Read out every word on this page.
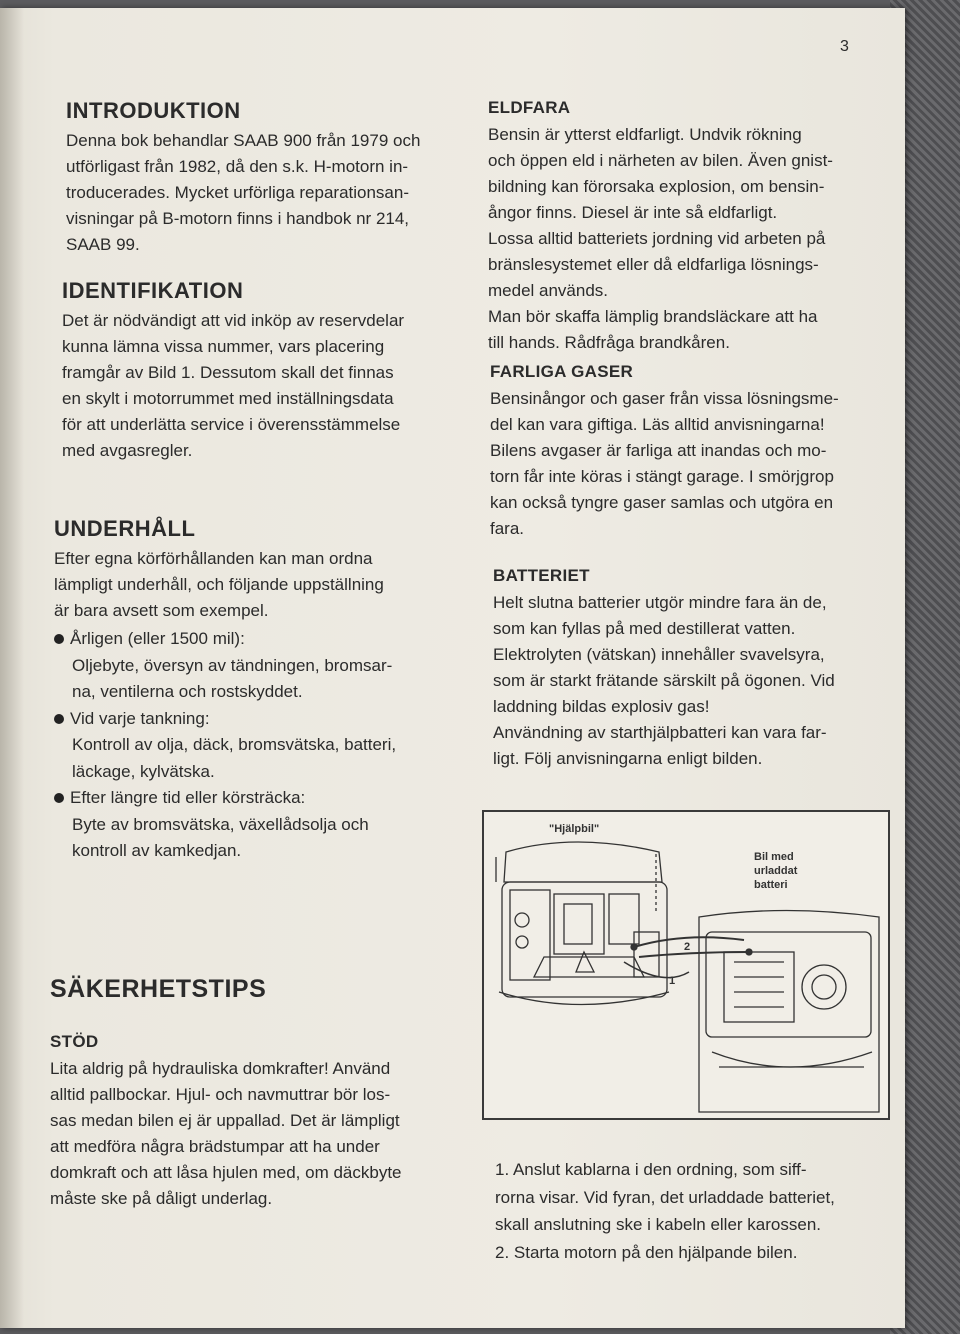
3
INTRODUKTION

Denna bok behandlar SAAB 900 från 1979 och

utförligast från 1982, då den s.k. H-motorn in-

troducerades. Mycket urförliga reparationsan-

visningar på B-motorn finns i handbok nr 214,

SAAB 99.

IDENTIFIKATION

Det är nödvändigt att vid inköp av reservdelar

kunna lämna vissa nummer, vars placering

framgår av Bild 1. Dessutom skall det finnas

en skylt i motorrummet med inställningsdata

för att underlätta service i överensstämmelse

med avgasregler.

UNDERHÅLL

Efter egna körförhållanden kan man ordna

lämpligt underhåll, och följande uppställning

är bara avsett som exempel.

Årligen (eller 1500 mil):
Oljebyte, översyn av tändningen, bromsar-
na, ventilerna och rostskyddet.
Vid varje tankning:
Kontroll av olja, däck, bromsvätska, batteri,
läckage, kylvätska.
Efter längre tid eller körsträcka:
Byte av bromsvätska, växellådsolja och
kontroll av kamkedjan.
SÄKERHETSTIPS
STÖD

Lita aldrig på hydrauliska domkrafter! Använd

alltid pallbockar. Hjul- och navmuttrar bör los-

sas medan bilen ej är uppallad. Det är lämpligt

att medföra några brädstumpar att ha under

domkraft och att låsa hjulen med, om däckbyte

måste ske på dåligt underlag.

ELDFARA

Bensin är ytterst eldfarligt. Undvik rökning

och öppen eld i närheten av bilen. Även gnist-

bildning kan förorsaka explosion, om bensin-

ångor finns. Diesel är inte så eldfarligt.

Lossa alltid batteriets jordning vid arbeten på

bränslesystemet eller då eldfarliga lösnings-

medel används.

Man bör skaffa lämplig brandsläckare att ha

till hands. Rådfråga brandkåren.

FARLIGA GASER

Bensinångor och gaser från vissa lösningsme-

del kan vara giftiga. Läs alltid anvisningarna!

Bilens avgaser är farliga att inandas och mo-

torn får inte köras i stängt garage. I smörjgrop

kan också tyngre gaser samlas och utgöra en

fara.

BATTERIET

Helt slutna batterier utgör mindre fara än de,

som kan fyllas på med destillerat vatten.

Elektrolyten (vätskan) innehåller svavelsyra,

som är starkt frätande särskilt på ögonen. Vid

laddning bildas explosiv gas!

Användning av starthjälpbatteri kan vara far-

ligt. Följ anvisningarna enligt bilden.

2
1
"Hjälpbil"
Bil med
urladdat
batteri

1. Anslut kablarna i den ordning, som siff-

rorna visar. Vid fyran, det urladdade batteriet,

skall anslutning ske i kabeln eller karossen.

2. Starta motorn på den hjälpande bilen.
